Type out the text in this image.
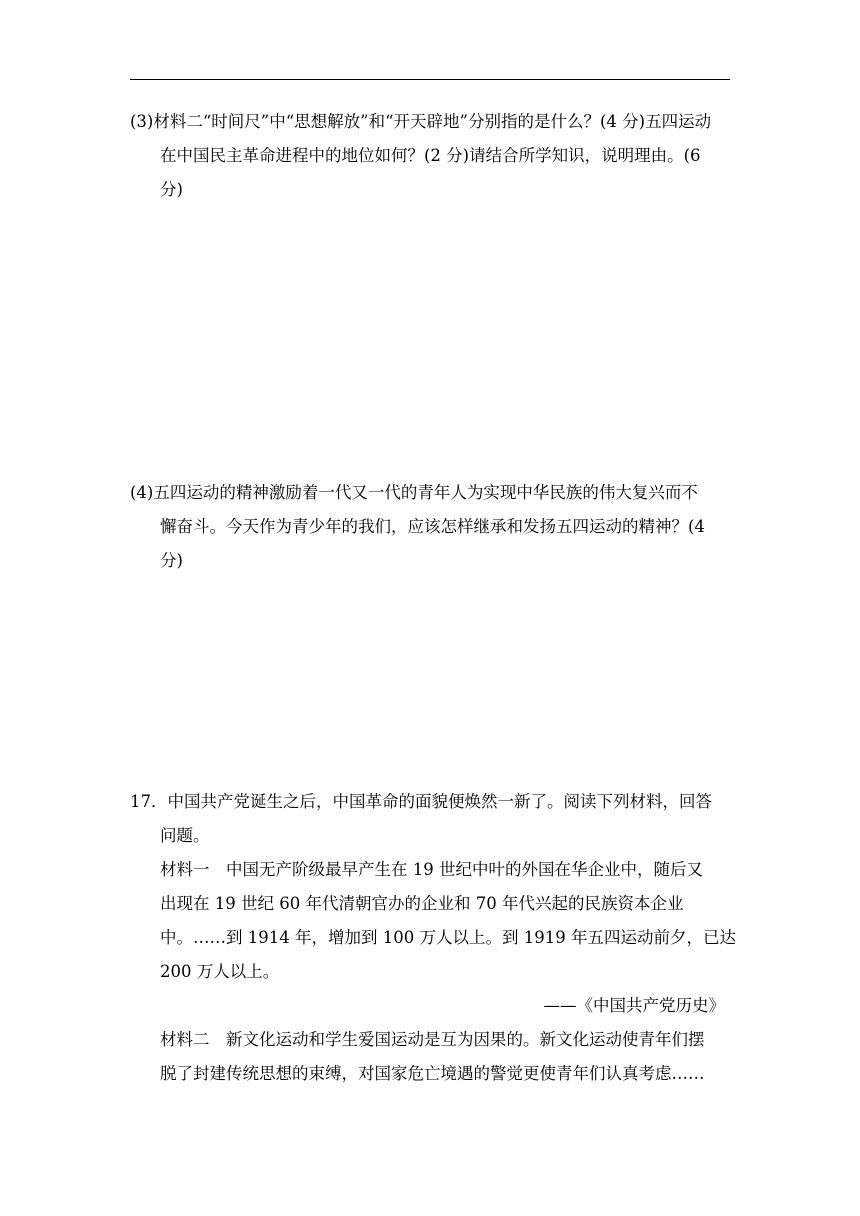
(3)材料二“时间尺”中“思想解放”和“开天辟地”分别指的是什么？(4 分)五四运动
在中国民主革命进程中的地位如何？(2 分)请结合所学知识，说明理由。(6
分)
(4)五四运动的精神激励着一代又一代的青年人为实现中华民族的伟大复兴而不
懈奋斗。今天作为青少年的我们，应该怎样继承和发扬五四运动的精神？(4
分)
17．中国共产党诞生之后，中国革命的面貌便焕然一新了。阅读下列材料，回答
问题。
材料一　中国无产阶级最早产生在 19 世纪中叶的外国在华企业中，随后又
出现在 19 世纪 60 年代清朝官办的企业和 70 年代兴起的民族资本企业
中。……到 1914 年，增加到 100 万人以上。到 1919 年五四运动前夕，已达
200 万人以上。
——《中国共产党历史》
材料二　新文化运动和学生爱国运动是互为因果的。新文化运动使青年们摆
脱了封建传统思想的束缚，对国家危亡境遇的警觉更使青年们认真考虑……
